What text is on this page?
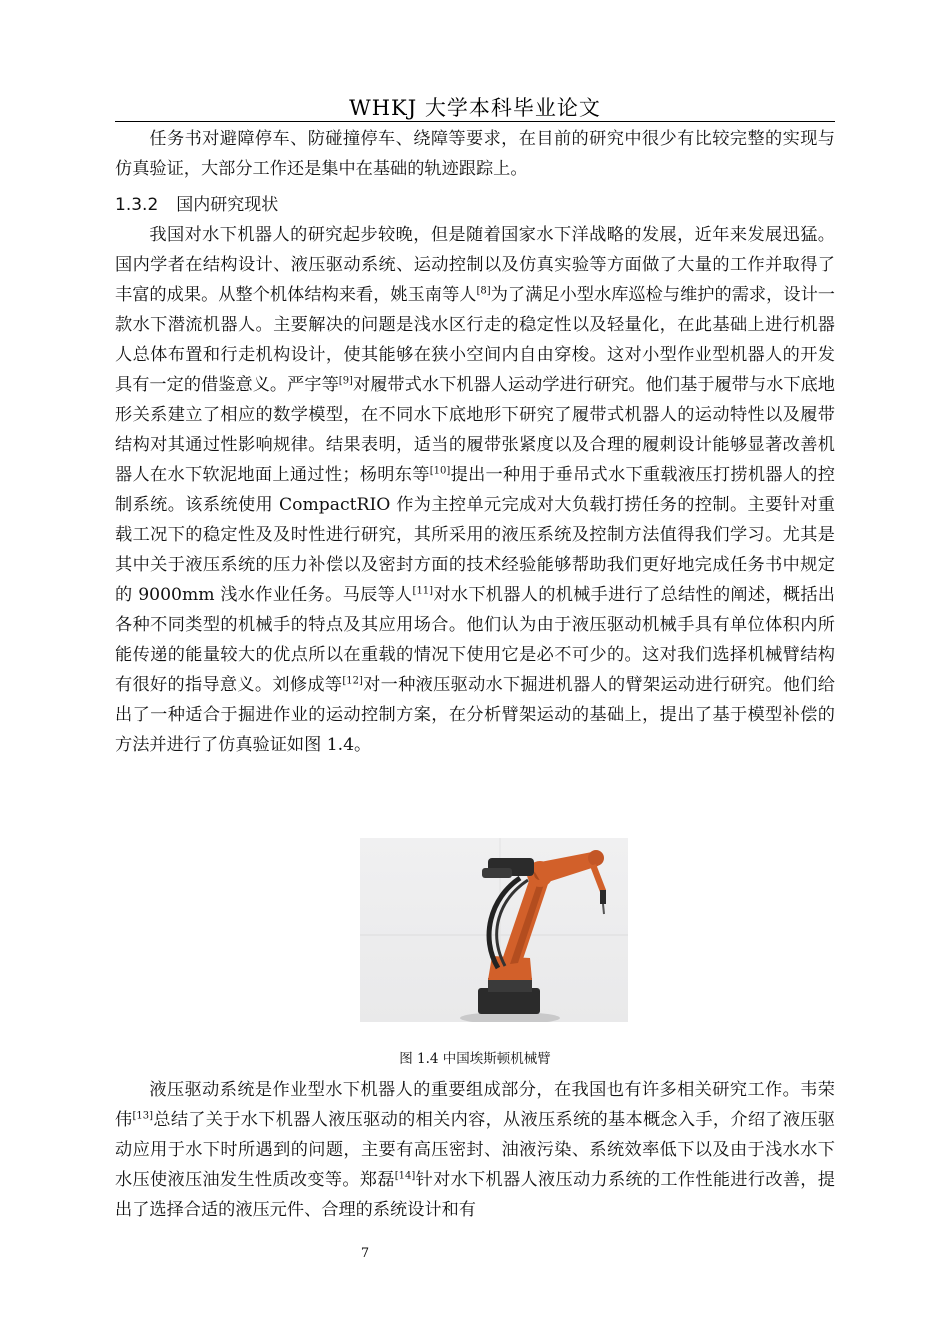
WHKJ 大学本科毕业论文

任务书对避障停车、防碰撞停车、绕障等要求，在目前的研究中很少有比较完整的实现与仿真验证，大部分工作还是集中在基础的轨迹跟踪上。

1.3.2 国内研究现状

我国对水下机器人的研究起步较晚，但是随着国家水下洋战略的发展，近年来发展迅猛。国内学者在结构设计、液压驱动系统、运动控制以及仿真实验等方面做了大量的工作并取得了丰富的成果。从整个机体结构来看，姚玉南等人[8]为了满足小型水库巡检与维护的需求，设计一款水下潜流机器人。主要解决的问题是浅水区行走的稳定性以及轻量化，在此基础上进行机器人总体布置和行走机构设计，使其能够在狭小空间内自由穿梭。这对小型作业型机器人的开发具有一定的借鉴意义。严宇等[9]对履带式水下机器人运动学进行研究。他们基于履带与水下底地形关系建立了相应的数学模型，在不同水下底地形下研究了履带式机器人的运动特性以及履带结构对其通过性影响规律。结果表明，适当的履带张紧度以及合理的履刺设计能够显著改善机器人在水下软泥地面上通过性；杨明东等[10]提出一种用于垂吊式水下重载液压打捞机器人的控制系统。该系统使用 CompactRIO 作为主控单元完成对大负载打捞任务的控制。主要针对重载工况下的稳定性及及时性进行研究，其所采用的液压系统及控制方法值得我们学习。尤其是其中关于液压系统的压力补偿以及密封方面的技术经验能够帮助我们更好地完成任务书中规定的 9000mm 浅水作业任务。马辰等人[11]对水下机器人的机械手进行了总结性的阐述，概括出各种不同类型的机械手的特点及其应用场合。他们认为由于液压驱动机械手具有单位体积内所能传递的能量较大的优点所以在重载的情况下使用它是必不可少的。这对我们选择机械臂结构有很好的指导意义。刘修成等[12]对一种液压驱动水下掘进机器人的臂架运动进行研究。他们给出了一种适合于掘进作业的运动控制方案，在分析臂架运动的基础上，提出了基于模型补偿的方法并进行了仿真验证如图 1.4。

图 1.4 中国埃斯顿机械臂

液压驱动系统是作业型水下机器人的重要组成部分，在我国也有许多相关研究工作。韦荣伟[13]总结了关于水下机器人液压驱动的相关内容，从液压系统的基本概念入手，介绍了液压驱动应用于水下时所遇到的问题，主要有高压密封、油液污染、系统效率低下以及由于浅水水下水压使液压油发生性质改变等。郑磊[14]针对水下机器人液压动力系统的工作性能进行改善，提出了选择合适的液压元件、合理的系统设计和有

7
